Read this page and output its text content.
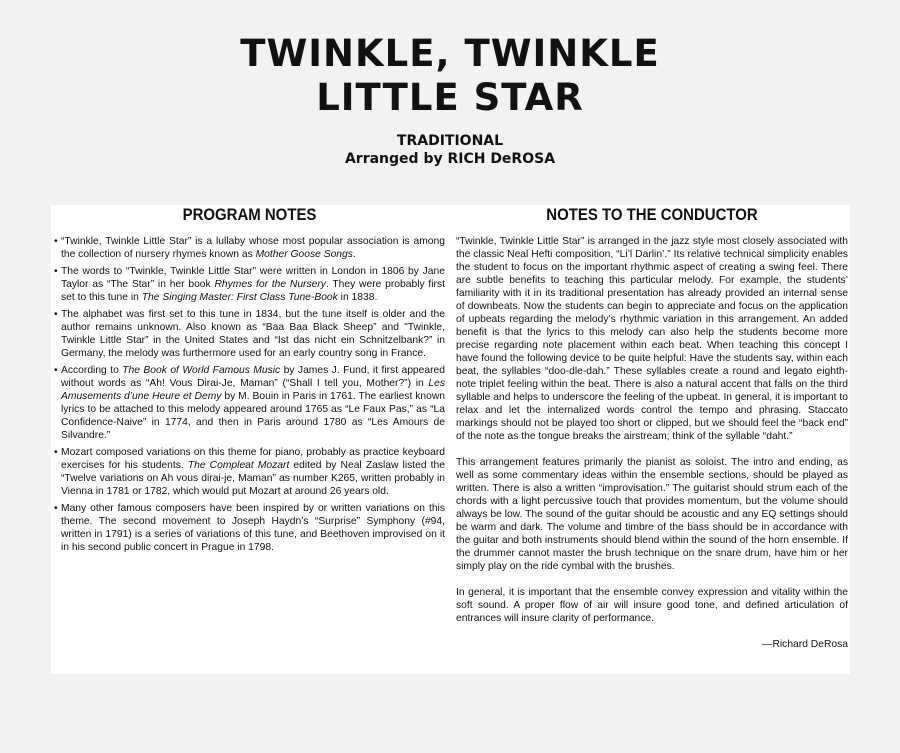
TWINKLE, TWINKLE
LITTLE STAR
TRADITIONAL
Arranged by RICH DeROSA
PROGRAM NOTES
• “Twinkle, Twinkle Little Star” is a lullaby whose most popular association is among the collection of nursery rhymes known as Mother Goose Songs.
• The words to “Twinkle, Twinkle Little Star” were written in London in 1806 by Jane Taylor as “The Star” in her book Rhymes for the Nursery. They were probably first set to this tune in The Singing Master: First Class Tune-Book in 1838.
• The alphabet was first set to this tune in 1834, but the tune itself is older and the author remains unknown. Also known as “Baa Baa Black Sheep” and "Twinkle, Twinkle Little Star” in the United States and “Ist das nicht ein Schnitzelbank?” in Germany, the melody was furthermore used for an early country song in France.
• According to The Book of World Famous Music by James J. Fund, it first appeared without words as “Ah! Vous Dirai-Je, Maman” (“Shall I tell you, Mother?”) in Les Amusements d’une Heure et Demy by M. Bouin in Paris in 1761. The earliest known lyrics to be attached to this melody appeared around 1765 as “Le Faux Pas,” as “La Confidence-Naive” in 1774, and then in Paris around 1780 as “Les Amours de Silvandre.”
• Mozart composed variations on this theme for piano, probably as practice keyboard exercises for his students. The Compleat Mozart edited by Neal Zaslaw listed the “Twelve variations on Ah vous dirai-je, Maman” as number K265, written probably in Vienna in 1781 or 1782, which would put Mozart at around 26 years old.
• Many other famous composers have been inspired by or written variations on this theme. The second movement to Joseph Haydn’s “Surprise” Symphony (#94, written in 1791) is a series of variations of this tune, and Beethoven improvised on it in his second public concert in Prague in 1798.
NOTES TO THE CONDUCTOR

“Twinkle, Twinkle Little Star” is arranged in the jazz style most closely associated with the classic Neal Hefti composition, “Li’l Darlin’.” Its relative technical simplicity enables the student to focus on the important rhythmic aspect of creating a swing feel. There are subtle benefits to teaching this particular melody. For example, the students’ familiarity with it in its traditional presentation has already provided an internal sense of downbeats. Now the students can begin to appreciate and focus on the application of upbeats regarding the melody’s rhythmic variation in this arrangement. An added benefit is that the lyrics to this melody can also help the students become more precise regarding note placement within each beat. When teaching this concept I have found the following device to be quite helpful: Have the students say, within each beat, the syllables “doo-dle-dah.” These syllables create a round and legato eighth-note triplet feeling within the beat. There is also a natural accent that falls on the third syllable and helps to underscore the feeling of the upbeat. In general, it is important to relax and let the internalized words control the tempo and phrasing. Staccato markings should not be played too short or clipped, but we should feel the “back end” of the note as the tongue breaks the airstream; think of the syllable “daht.”

This arrangement features primarily the pianist as soloist. The intro and ending, as well as some commentary ideas within the ensemble sections, should be played as written. There is also a written “improvisation.” The guitarist should strum each of the chords with a light percussive touch that provides momentum, but the volume should always be low. The sound of the guitar should be acoustic and any EQ settings should be warm and dark. The volume and timbre of the bass should be in accordance with the guitar and both instruments should blend within the sound of the horn ensemble. If the drummer cannot master the brush technique on the snare drum, have him or her simply play on the ride cymbal with the brushes.

In general, it is important that the ensemble convey expression and vitality within the soft sound. A proper flow of air will insure good tone, and defined articulation of entrances will insure clarity of performance.

—Richard DeRosa
